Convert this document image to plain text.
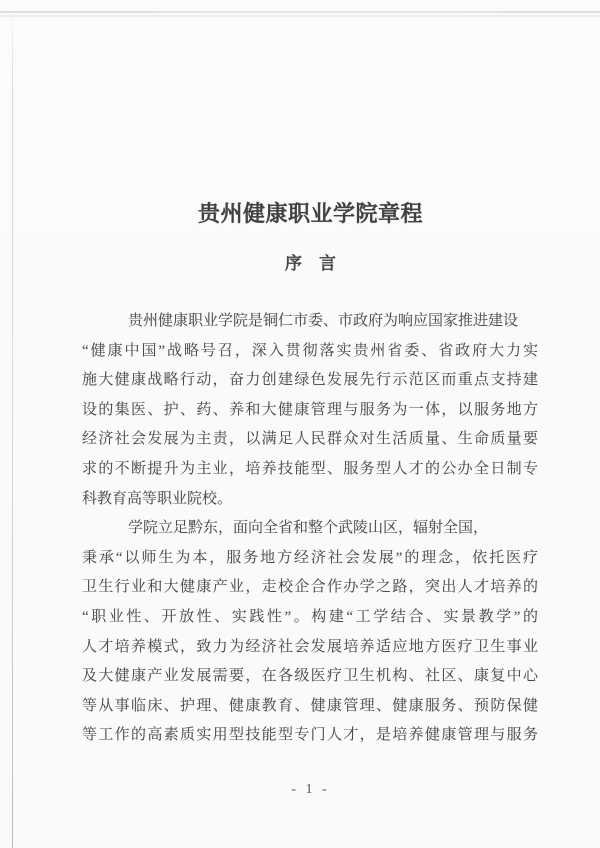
贵州健康职业学院章程
序　言
贵州健康职业学院是铜仁市委、市政府为响应国家推进建设
“健康中国”战略号召，深入贯彻落实贵州省委、省政府大力实
施大健康战略行动，奋力创建绿色发展先行示范区而重点支持建
设的集医、护、药、养和大健康管理与服务为一体，以服务地方
经济社会发展为主责，以满足人民群众对生活质量、生命质量要
求的不断提升为主业，培养技能型、服务型人才的公办全日制专
科教育高等职业院校。
学院立足黔东，面向全省和整个武陵山区，辐射全国，
秉承“以师生为本，服务地方经济社会发展”的理念，依托医疗
卫生行业和大健康产业，走校企合作办学之路，突出人才培养的
“职业性、开放性、实践性”。构建“工学结合、实景教学”的
人才培养模式，致力为经济社会发展培养适应地方医疗卫生事业
及大健康产业发展需要，在各级医疗卫生机构、社区、康复中心
等从事临床、护理、健康教育、健康管理、健康服务、预防保健
等工作的高素质实用型技能型专门人才，是培养健康管理与服务
- 1 -
